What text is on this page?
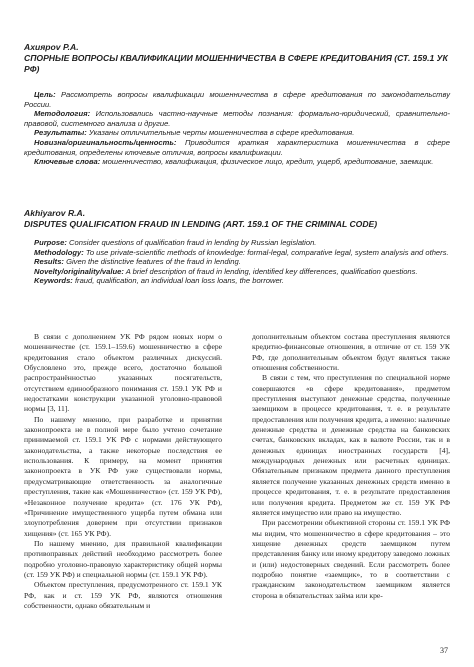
Ахиярov Р.А.
СПОРНЫЕ ВОПРОСЫ КВАЛИФИКАЦИИ МОШЕННИЧЕСТВА В СФЕРЕ КРЕДИТОВАНИЯ (СТ. 159.1 УК РФ)

Цель: Рассмотреть вопросы квалификации мошенничества в сфере кредитования по законодательству России.

Методология: Использовались частно-научные методы познания: формально-юридический, сравнительно-правовой, системного анализа и другие.

Результаты: Указаны отличительные черты мошенничества в сфере кредитования.

Новизна/оригинальность/ценность: Приводится краткая характеристика мошенничества в сфере кредитования, определены ключевые отличия, вопросы квалификации.

Ключевые слова: мошенничество, квалификация, физическое лицо, кредит, ущерб, кредитование, заемщик.

Akhiyarov R.A.
DISPUTES QUALIFICATION FRAUD IN LENDING (ART. 159.1 OF THE CRIMINAL CODE)

Purpose: Consider questions of qualification fraud in lending by Russian legislation.

Methodology: To use private-scientific methods of knowledge: formal-legal, comparative legal, system analysis and others.

Results: Given the distinctive features of the fraud in lending.

Novelty/originality/value: A brief description of fraud in lending, identified key differences, qualification questions.

Keywords: fraud, qualification, an individual loan loss loans, the borrower.

В связи с дополнением УК РФ рядом новых норм о мошенничестве (ст. 159.1–159.6) мошенничество в сфере кредитования стало объектом различных дискуссий. Обусловлено это, прежде всего, достаточно большой распространённостью указанных посягательств, отсутствием единообразного понимания ст. 159.1 УК РФ и недостатками конструкции указанной уголовно-правовой нормы [3, 11].

По нашему мнению, при разработке и принятии законопроекта не в полной мере было учтено сочетание принимаемой ст. 159.1 УК РФ с нормами действующего законодательства, а также некоторые последствия ее использования. К примеру, на момент принятия законопроекта в УК РФ уже существовали нормы, предусматривающие ответственность за аналогичные преступления, такие как «Мошенничество» (ст. 159 УК РФ), «Незаконное получение кредита» (ст. 176 УК РФ), «Причинение имущественного ущерба путем обмана или злоупотребления доверием при отсутствии признаков хищения» (ст. 165 УК РФ).

По нашему мнению, для правильной квалификации противоправных действий необходимо рассмотреть более подробно уголовно-правовую характеристику общей нормы (ст. 159 УК РФ) и специальной нормы (ст. 159.1 УК РФ).

Объектом преступления, предусмотренного ст. 159.1 УК РФ, как и ст. 159 УК РФ, являются отношения собственности, однако обязательным и

дополнительным объектом состава преступления являются кредитно-финансовые отношения, в отличие от ст. 159 УК РФ, где дополнительным объектом будут являться также отношения собственности.

В связи с тем, что преступления по специальной норме совершаются «в сфере кредитования», предметом преступления выступают денежные средства, полученные заемщиком в процессе кредитования, т. е. в результате предоставления или получения кредита, а именно: наличные денежные средства и денежные средства на банковских счетах, банковских вкладах, как в валюте России, так и в денежных единицах иностранных государств [4], международных денежных или расчетных единицах. Обязательным признаком предмета данного преступления является получение указанных денежных средств именно в процессе кредитования, т. е. в результате предоставления или получения кредита. Предметом же ст. 159 УК РФ является имущество или право на имущество.

При рассмотрении объективной стороны ст. 159.1 УК РФ мы видим, что мошенничество в сфере кредитования – это хищение денежных средств заемщиком путем представления банку или иному кредитору заведомо ложных и (или) недостоверных сведений. Если рассмотреть более подробно понятие «заемщик», то в соответствии с гражданским законодательством заемщиком является сторона в обязательствах займа или кре-

37
